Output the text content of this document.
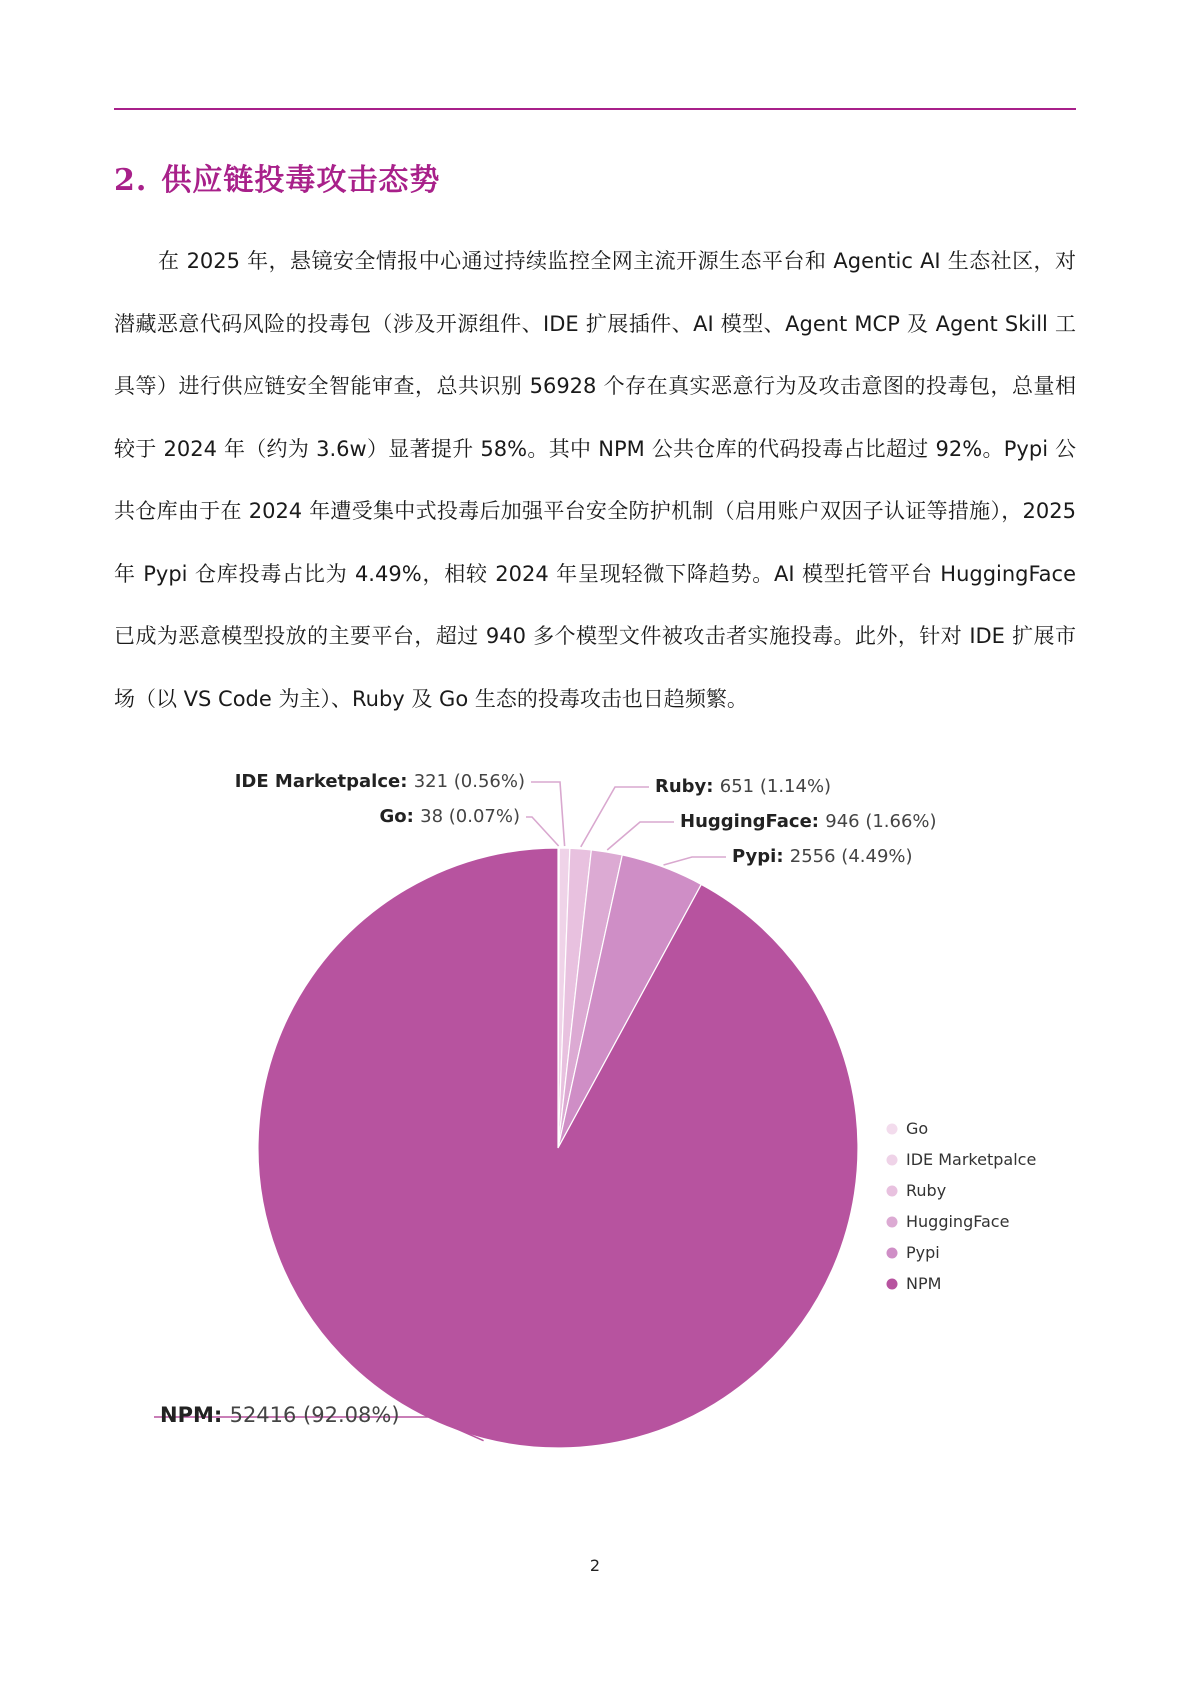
2. 供应链投毒攻击态势

在 2025 年，悬镜安全情报中心通过持续监控全网主流开源生态平台和 Agentic AI 生态社区，对潜藏恶意代码风险的投毒包（涉及开源组件、IDE 扩展插件、AI 模型、Agent MCP 及 Agent Skill 工具等）进行供应链安全智能审查，总共识别 56928 个存在真实恶意行为及攻击意图的投毒包，总量相较于 2024 年（约为 3.6w）显著提升 58%。其中 NPM 公共仓库的代码投毒占比超过 92%。Pypi 公共仓库由于在 2024 年遭受集中式投毒后加强平台安全防护机制（启用账户双因子认证等措施），2025 年 Pypi 仓库投毒占比为 4.49%，相较 2024 年呈现轻微下降趋势。AI 模型托管平台 HuggingFace 已成为恶意模型投放的主要平台，超过 940 多个模型文件被攻击者实施投毒。此外，针对 IDE 扩展市场（以 VS Code 为主）、Ruby 及 Go 生态的投毒攻击也日趋频繁。

Go: 38 (0.07%)
IDE Marketpalce: 321 (0.56%)	Ruby: 651 (1.14%)
HuggingFace: 946 (1.66%)
Pypi: 2556 (4.49%)
NPM: 52416 (92.08%)
Go
IDE Marketpalce
Ruby
HuggingFace
Pypi
NPM
2
